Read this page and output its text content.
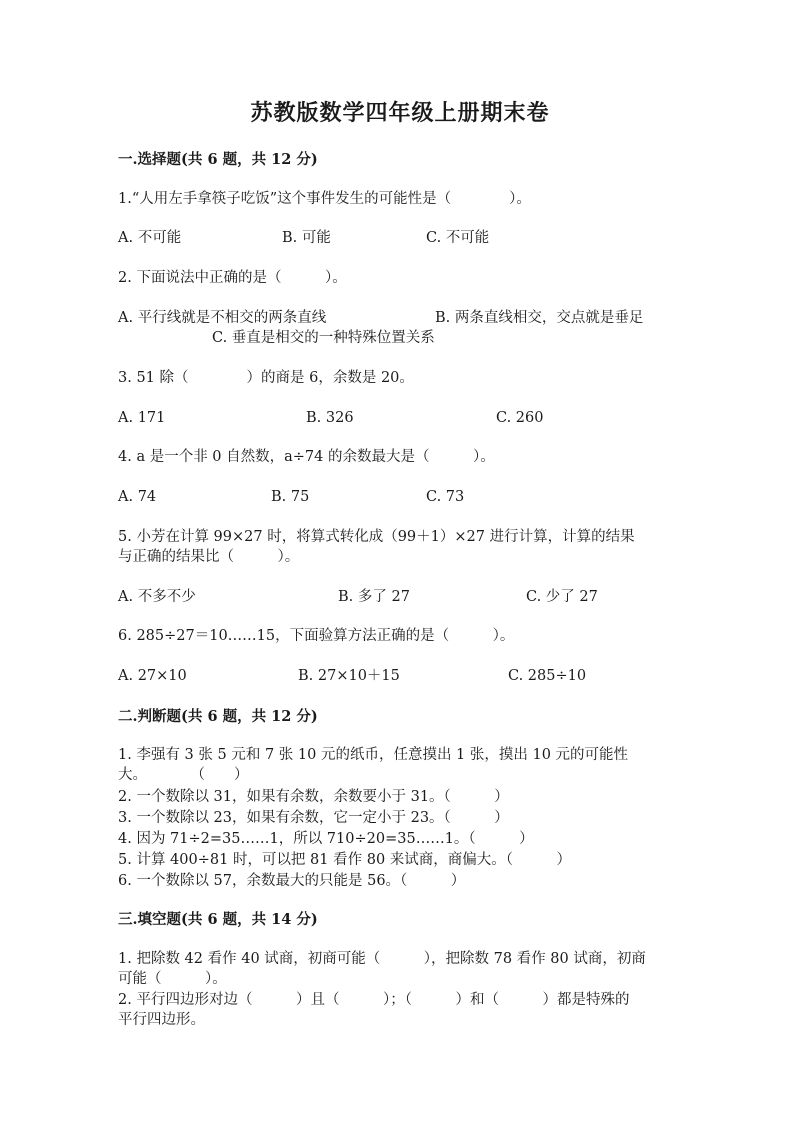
苏教版数学四年级上册期末卷
一.选择题(共 6 题，共 12 分)
1.“人用左手拿筷子吃饭”这个事件发生的可能性是（　　　　）。
A. 不可能	B. 可能	C. 不可能
2. 下面说法中正确的是（　　　）。
A. 平行线就是不相交的两条直线	B. 两条直线相交，交点就是垂足
C. 垂直是相交的一种特殊位置关系
3. 51 除（　　　　）的商是 6，余数是 20。
A. 171	B. 326	C. 260
4. a 是一个非 0 自然数，a÷74 的余数最大是（　　　）。
A. 74	B. 75	C. 73
5. 小芳在计算 99×27 时，将算式转化成（99＋1）×27 进行计算，计算的结果
与正确的结果比（　　　）。
A. 不多不少	B. 多了 27	C. 少了 27
6. 285÷27＝10……15，下面验算方法正确的是（　　　）。
A. 27×10	B. 27×10＋15	C. 285÷10
二.判断题(共 6 题，共 12 分)
1. 李强有 3 张 5 元和 7 张 10 元的纸币，任意摸出 1 张，摸出 10 元的可能性
大。　　　　（　　）
2. 一个数除以 31，如果有余数，余数要小于 31。（　　　）
3. 一个数除以 23，如果有余数，它一定小于 23。（　　　）
4. 因为 71÷2=35……1，所以 710÷20=35……1。（　　　）
5. 计算 400÷81 时，可以把 81 看作 80 来试商，商偏大。（　　　）
6. 一个数除以 57，余数最大的只能是 56。（　　　）
三.填空题(共 6 题，共 14 分)
1. 把除数 42 看作 40 试商，初商可能（　　　），把除数 78 看作 80 试商，初商
可能（　　　）。
2. 平行四边形对边（　　　）且（　　　）；（　　　）和（　　　）都是特殊的
平行四边形。
